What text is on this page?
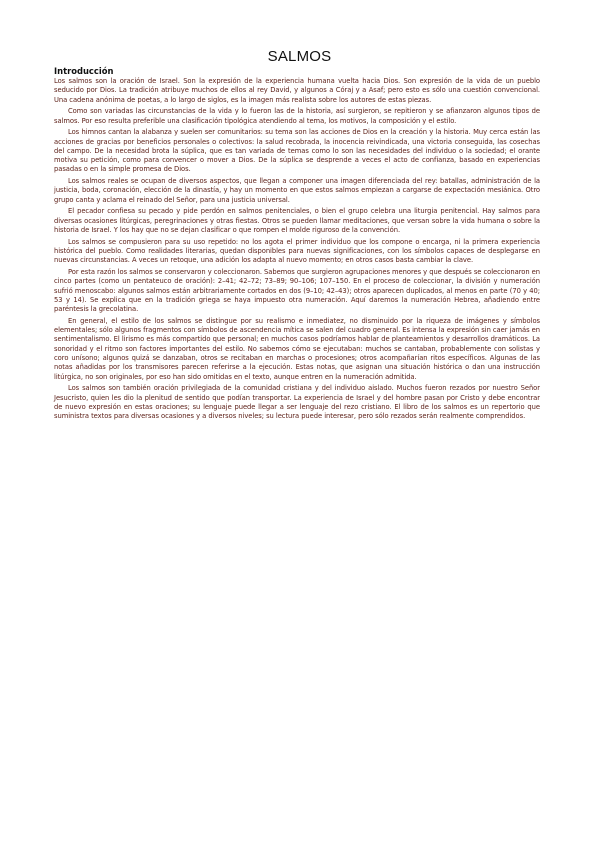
SALMOS
Introducción

Los salmos son la oración de Israel. Son la expresión de la experiencia humana vuelta hacia Dios. Son expresión de la vida de un pueblo seducido por Dios. La tradición atribuye muchos de ellos al rey David, y algunos a Córaj y a Asaf; pero esto es sólo una cuestión convencional. Una cadena anónima de poetas, a lo largo de siglos, es la imagen más realista sobre los autores de estas piezas.

Como son variadas las circunstancias de la vida y lo fueron las de la historia, así surgieron, se repitieron y se afianzaron algunos tipos de salmos. Por eso resulta preferible una clasificación tipológica atendiendo al tema, los motivos, la composición y el estilo.

Los himnos cantan la alabanza y suelen ser comunitarios: su tema son las acciones de Dios en la creación y la historia. Muy cerca están las acciones de gracias por beneficios personales o colectivos: la salud recobrada, la inocencia reivindicada, una victoria conseguida, las cosechas del campo. De la necesidad brota la súplica, que es tan variada de temas como lo son las necesidades del individuo o la sociedad; el orante motiva su petición, como para convencer o mover a Dios. De la súplica se desprende a veces el acto de confianza, basado en experiencias pasadas o en la simple promesa de Dios.

Los salmos reales se ocupan de diversos aspectos, que llegan a componer una imagen diferenciada del rey: batallas, administración de la justicia, boda, coronación, elección de la dinastía, y hay un momento en que estos salmos empiezan a cargarse de expectación mesiánica. Otro grupo canta y aclama el reinado del Señor, para una justicia universal.

El pecador confiesa su pecado y pide perdón en salmos penitenciales, o bien el grupo celebra una liturgia penitencial. Hay salmos para diversas ocasiones litúrgicas, peregrinaciones y otras fiestas. Otros se pueden llamar meditaciones, que versan sobre la vida humana o sobre la historia de Israel. Y los hay que no se dejan clasificar o que rompen el molde riguroso de la convención.

Los salmos se compusieron para su uso repetido: no los agota el primer individuo que los compone o encarga, ni la primera experiencia histórica del pueblo. Como realidades literarias, quedan disponibles para nuevas significaciones, con los símbolos capaces de desplegarse en nuevas circunstancias. A veces un retoque, una adición los adapta al nuevo momento; en otros casos basta cambiar la clave.

Por esta razón los salmos se conservaron y coleccionaron. Sabemos que surgieron agrupaciones menores y que después se coleccionaron en cinco partes (como un pentateuco de oración): 2–41; 42–72; 73–89; 90–106; 107–150. En el proceso de coleccionar, la división y numeración sufrió menoscabo: algunos salmos están arbitrariamente cortados en dos (9–10; 42–43); otros aparecen duplicados, al menos en parte (70 y 40; 53 y 14). Se explica que en la tradición griega se haya impuesto otra numeración. Aquí daremos la numeración Hebrea, añadiendo entre paréntesis la grecolatina.

En general, el estilo de los salmos se distingue por su realismo e inmediatez, no disminuido por la riqueza de imágenes y símbolos elementales; sólo algunos fragmentos con símbolos de ascendencia mítica se salen del cuadro general. Es intensa la expresión sin caer jamás en sentimentalismo. El lirismo es más compartido que personal; en muchos casos podríamos hablar de planteamientos y desarrollos dramáticos. La sonoridad y el ritmo son factores importantes del estilo. No sabemos cómo se ejecutaban: muchos se cantaban, probablemente con solistas y coro unísono; algunos quizá se danzaban, otros se recitaban en marchas o procesiones; otros acompañarían ritos específicos. Algunas de las notas añadidas por los transmisores parecen referirse a la ejecución. Estas notas, que asignan una situación histórica o dan una instrucción litúrgica, no son originales, por eso han sido omitidas en el texto, aunque entren en la numeración admitida.

Los salmos son también oración privilegiada de la comunidad cristiana y del individuo aislado. Muchos fueron rezados por nuestro Señor Jesucristo, quien les dio la plenitud de sentido que podían transportar. La experiencia de Israel y del hombre pasan por Cristo y debe encontrar de nuevo expresión en estas oraciones; su lenguaje puede llegar a ser lenguaje del rezo cristiano. El libro de los salmos es un repertorio que suministra textos para diversas ocasiones y a diversos niveles; su lectura puede interesar, pero sólo rezados serán realmente comprendidos.
